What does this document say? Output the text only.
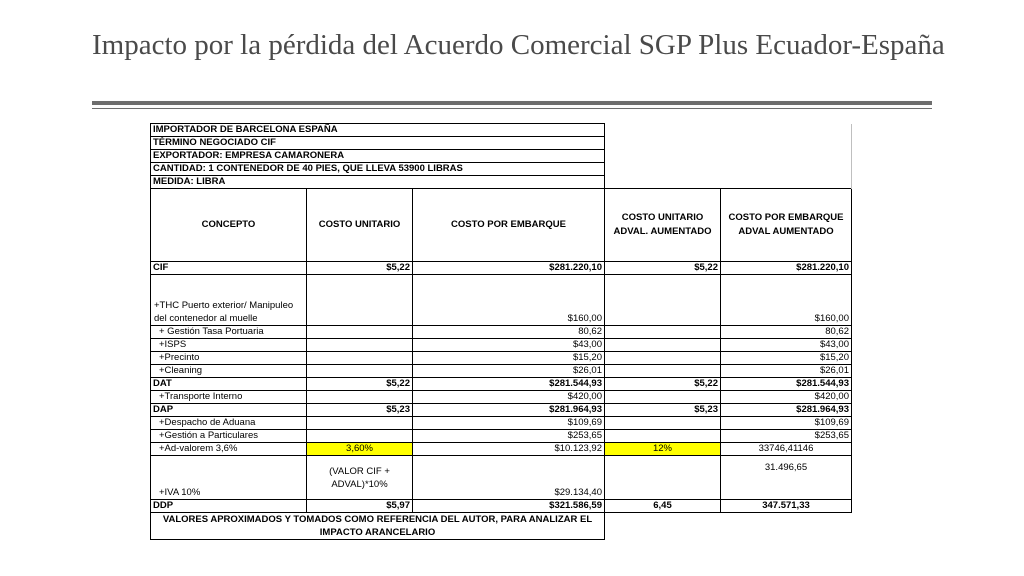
Impacto por la pérdida del Acuerdo Comercial SGP Plus Ecuador-España
IMPORTADOR DE BARCELONA ESPAÑA				
TÉRMINO NEGOCIADO CIF				
EXPORTADOR: EMPRESA CAMARONERA				
CANTIDAD: 1 CONTENEDOR DE 40 PIES, QUE LLEVA 53900 LIBRAS				
MEDIDA: LIBRA				
CONCEPTO	COSTO UNITARIO	COSTO POR EMBARQUE	COSTO UNITARIO ADVAL. AUMENTADO	COSTO POR EMBARQUE ADVAL AUMENTADO
CIF	$5,22	$281.220,10	$5,22	$281.220,10
+THC Puerto exterior/ Manipuleo del contenedor al muelle		$160,00		$160,00
+ Gestión Tasa Portuaria		80,62		80,62
+ISPS		$43,00		$43,00
+Precinto		$15,20		$15,20
+Cleaning		$26,01		$26,01
DAT	$5,22	$281.544,93	$5,22	$281.544,93
+Transporte Interno		$420,00		$420,00
DAP	$5,23	$281.964,93	$5,23	$281.964,93
+Despacho de Aduana		$109,69		$109,69
+Gestión a Particulares		$253,65		$253,65
+Ad-valorem 3,6%	3,60%	$10.123,92	12%	33746,41146
+IVA 10%	(VALOR CIF + ADVAL)*10%	$29.134,40		31.496,65
DDP	$5,97	$321.586,59	6,45	347.571,33
VALORES APROXIMADOS Y TOMADOS COMO REFERENCIA DEL AUTOR, PARA ANALIZAR EL IMPACTO ARANCELARIO				
